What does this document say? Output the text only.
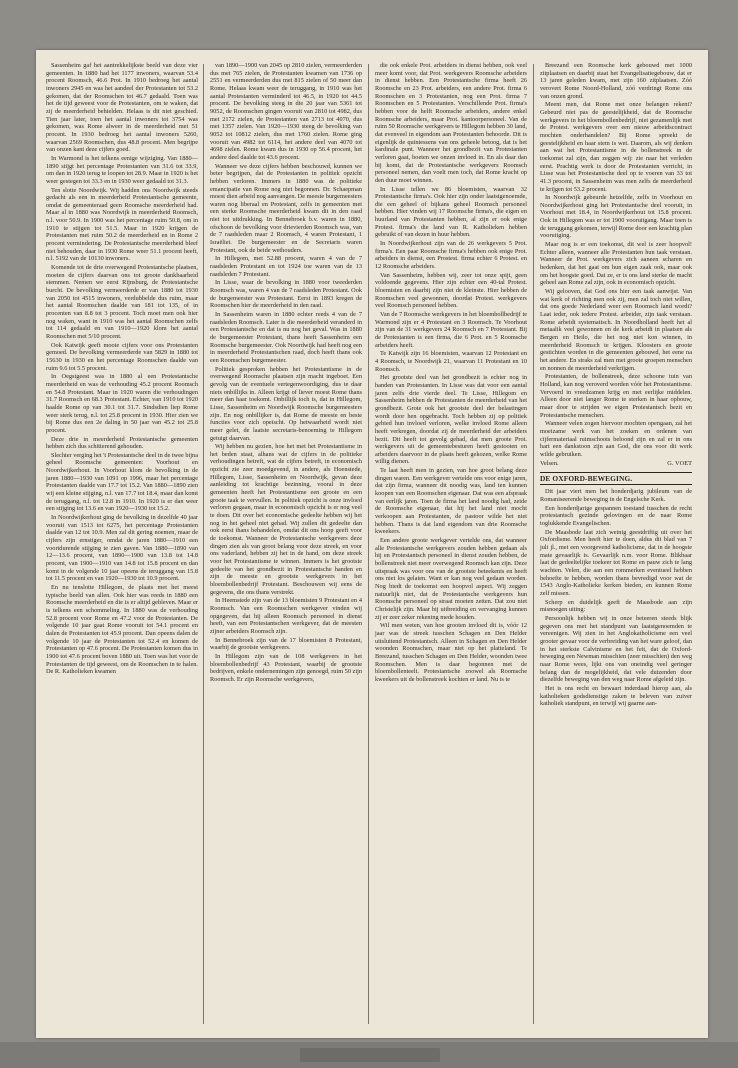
Sassenheim gaf het aantrekkelijkste beeld van deze vier gemeenten. In 1880 had het 1177 inwoners, waarvan 53.4 procent Roomsch, 46.6 Prot. In 1910 bedroeg het aantal inwoners 2945 en was het aandeel der Protestanten tot 53.2 gekomen, dat der Roomschen tot 46.7 gedaald. Toen was het de tijd geweest voor de Protestanten, om te waken, dat zij de meerderheid behielden. Helaas is dit niet geschied. Tien jaar later, toen het aantal inwoners tot 3754 was gekomen, was Rome alweer in de meerderheid met 51 procent. In 1930 bedroeg het aantal inwoners 5260, waarvan 2569 Roomschen, dus 48.8 procent. Men begrijpe van onzen kant deze cijfers goed.

In Warmond is het telkens eenige wijziging. Van 1880—1890 stijgt het percentage Protestanten van 31.6 tot 33.9, om dan in 1920 terug te loopen tot 28.9. Maar in 1920 is het weer gestegen tot 33.3 en in 1930 weer gedaald tot 31.3.

Ten slotte Noordwijk. Wij hadden ons Noordwijk steeds gedacht als een in meerderheid Protestantsche gemeente, omdat de gemeenteraad geen Roomsche meerderheid had. Maar al in 1880 was Noordwijk in meerderheid Roomsch, n.l. voor 50.9. In 1900 was het percentage ruim 50.8, om in 1910 te stijgen tot 51.5. Maar in 1920 krijgen de Protestanten met ruim 50.2 de meerderheid en in Rome 2 procent vermindering. De Protestantsche meerderheid bleef niet behouden, daar in 1930 Rome weer 51.1 procent heeft, n.l. 5192 van de 10130 inwoners.

Komende tot de drie overwegend Protestantsche plaatsen, moeten de cijfers daarvan ons tot groote dankbaarheid stemmen. Nemen we eerst Rijnsburg, de Protestantsche burcht. De bevolking vermeerderde er van 1880 tot 1930 van 2050 tot 4515 inwoners, verdubbelde dus ruim, maar het aantal Roomschen daalde van 181 tot 135, of in procenten van 8.8 tot 3 procent. Toch moet men ook hier nog waken, want in 1910 was het aantal Roomschen zelfs tot 114 gedaald en van 1910—1920 klom het aantal Roomschen met 5/10 procent.

Ook Katwijk geeft mooie cijfers voor ons Protestanten gemoed. De bevolking vermeerderde van 5829 in 1880 tot 15630 in 1930 en het percentage Roomschen daalde van ruim 9.6 tot 5.5 procent.

In Oegstgeest was in 1880 al een Protestantsche meerderheid en was de verhouding 45.2 procent Roomsch en 54.8 Protestant. Maar in 1920 waren die verhoudingen 31.7 Roomsch en 68.3 Protestant. Echter, van 1910 tot 1920 haalde Rome op van 30.1 tot 31.7. Sindsdien liep Rome weer sterk terug, n.l. tot 25.8 procent in 1930. Hier zien we bij Rome dus een 2e daling in 50 jaar van 45.2 tot 25.8 procent.

Deze drie in meerderheid Protestantsche gemeenten hebben zich dus schitterend gehouden.

Slechter verging het 't Protestantsche deel in de twee bijna geheel Roomsche gemeenten: Voorhout en Noordwijkerhout. In Voorhout klom de bevolking in de jaren 1880—1930 van 1091 op 1996, maar het percentage Protestanten daalde van 17.7 tot 15.2. Van 1880—1890 zien wij een kleine stijging, n.l. van 17.7 tot 18.4, maar dan komt de teruggang, n.l. tot 12.8 in 1910. In 1920 is er dan weer een stijging tot 13.6 en van 1920—1930 tot 15.2.

In Noordwijkerhout ging de bevolking in dezelfde 40 jaar vooruit van 1513 tot 6275, het percentage Protestanten daalde van 12 tot 10.9. Men zal dit gering noemen, maar de cijfers zijn ernstiger, omdat de jaren 1880—1910 een voortdurende stijging te zien gaven. Van 1880—1890 van 12—13.6 procent, van 1890—1900 van 13.8 tot 14.8 procent, van 1900—1910 van 14.8 tot 15.8 procent en dan komt in de volgende 10 jaar opeens de teruggang van 15.8 tot 11.5 procent en van 1920—1930 tot 10.9 procent.

En nu tenslotte Hillegom, de plaats met het meest typische beeld van allen. Ook hier was reeds in 1880 een Roomsche meerderheid en die is er altijd gebleven. Maar er is telkens een schommeling. In 1880 was de verhouding 52.8 procent voor Rome en 47.2 voor de Protestanten. De volgende 10 jaar gaat Rome vooruit tot 54.1 procent en dalen de Protestanten tot 45.9 procent. Dan opeens dalen de volgende 10 jaar de Protestanten tot 52.4 en komen de Protestanten op 47.6 procent. De Protestanten komen dus in 1900 tot 47.6 procent boven 1880 uit. Toen was het voor de Protestanten de tijd geweest, om de Roomschen in te halen. De R. Katholieken kwamen

van 1890—1900 van 2045 op 2810 zielen, vermeerderden dus met 765 zielen, de Protestanten kwamen van 1736 op 2551 en vermeerderden dus met 815 zielen of 50 meer dan Rome. Helaas kwam weer de teruggang, in 1910 was het aantal Protestanten verminderd tot 46.5, in 1920 tot 44.5 procent. De bevolking steeg in die 20 jaar van 5361 tot 9052, de Roomschen gingen vooruit van 2810 tot 4982, dus met 2172 zielen, de Protestanten van 2713 tot 4070, dus met 1357 zielen. Van 1920—1930 steeg de bevolking van 9052 tot 10812 zielen, dus met 1760 zielen. Rome ging vooruit van 4982 tot 6114, het andere deel van 4070 tot 4698 zielen. Rome kwam dus in 1930 op 56.4 procent, het andere deel daalde tot 43.6 procent.

Wanneer we deze cijfers hebben beschouwd, kunnen we beter begrijpen, dat de Protestanten in politiek opzicht hebben verloren. Immers in 1880 was de politieke emancipatie van Rome nog niet begonnen. Dr. Schaepman moest dien arbeid nog aanvangen. De meeste burgemeesters waren nog liberaal en Protestant, zelfs in gemeenten met een sterke Roomsche meerderheid kwam dit in den raad niet tot uitdrukking. In Bennebroek b.v. waren in 1880, ofschoon de bevolking voor drievierden Roomsch was, van de 7 raadsleden maar 2 Roomsch, 4 waren Protestant, 1 Israëliet. De burgemeester en de Secretaris waren Protestant, ook de beide wethouders.

In Hillegom, met 52.88 procent, waren 4 van de 7 raadsleden Protestant en tot 1924 toe waren van de 13 raadsleden 7 Protestant.

In Lisse, waar de bevolking in 1880 voor tweederden Roomsch was, waren 4 van de 7 raadsleden Protestant. Ook de burgemeester was Protestant. Eerst in 1893 kregen de Roomschen hier de meerderheid in den raad.

In Sassenheim waren in 1880 echter reeds 4 van de 7 raadsleden Roomsch. Later is die meerderheid veranderd in een Protestantsche en dat is nu nog het geval. Was in 1880 de burgemeester Protestant, thans heeft Sassenheim een Roomsche burgemeester. Ook Noordwijk had heeft nog een in meerderheid Protestantschen raad, doch heeft thans ook een Roomschen burgemeester.

Politiek gesproken hebben het Protestantisme in de overwegend Roomsche plaatsen zijn macht ingeboet. Een gevolg van de eventuele vertegenwoordiging, dus te daar niets onbillijks in. Alleen krijgt of liever moest Rome thans meer dan haar toekomt. Onbillijk toch is, dat in Hillegom, Lisse, Sassenheim en Noordwijk Roomsche burgemeesters zijn. En nog onbillijker is, dat Rome de meeste en beste functies voor zich opeischt. Op hetwaarheid wordt niet meer gelet, de laatste secretaris-benoeming te Hillegom getuigt daarvan.

Wij hebben nu gezien, hoe het met het Protestantisme in het beden staat, alhans wat de cijfers in de politieke verhoudingen betreft, wat de cijfers betreft, in economisch opzicht zie zeer moedgevend, in andere, als Hoenstede, Hillegom, Lisse, Sassenheim en Noordwijk, gevan deze aanleiding tot krachtige bezinning, vooral in deze gemeenten heeft het Protestantisme een groote en een groote taak te vervullen. In politiek opzicht is onze invloed verloren gegaan, maar in economisch opzicht is er nog veel te doen. Dit over het economische gedeelte hebben wij het nog in het geheel niet gehad. Wij zullen dit gedeelte dan ook eerst thans behandelen, omdat dit ons hoop geeft voor de toekomst. Wanneer de Protestantsche werkgevers deze dingen zien als van groot belang voor deze streek, en voor ons vaderland, hebben zij het in de hand, om deze streek voor het Protestantisme te winnen. Immers is het grootste gedeelte van het grondbezit in Protestantsche handen en zijn de meeste en grootste werkgevers in het bloembollenbedrijf Protestant. Beschouwen wij eens de gegevens, die ons thans verstrekt.

In Heemstede zijn van de 13 bloemisten 9 Protestant en 4 Roomsch. Van een Roomschen werkgever vinden wij opgegeven, dat hij alleen Roomsch personeel in dienst heeft, van een Protestantschen werkgever, dat de meesten zijner arbeiders Roomsch zijn.

In Bennebroek zijn van de 17 bloemisten 8 Protestant, waarbij de grootste werkgevers.

In Hillegom zijn van de 108 werkgevers in het bloembollenbedrijf 43 Protestant, waarbij de grootste bedrijven, enkele ondernemingen zijn genoegd, ruim 50 zijn Roomsch. Er zijn Roomsche werkgevers,

die ook enkele Prot. arbeiders in dienst hebben, ook veel meer komt voor, dat Prot. werkgevers Roomsche arbeiders in dienst hebben. Een Protestantsche firma heeft 26 Roomsche en 23 Prot. arbeiders, een andere Prot. firma 6 Roomschen en 3 Protestanten, nog een Prot. firma 7 Roomschen en 5 Protestanten. Verschillende Prot. firma's hebben voor de helft Roomsche arbeiders, andere enkel Roomsche arbeiders, maar Prot. kantoorpersoneel. Van de ruim 50 Roomsche werkgevers te Hillegom hebben 30 land, dat evenveel in eigendom aan Protestanten behoorde. Dit is eigenlijk de quintessens van ons geheele betoog, dat is het kardinale punt. Wanneer het grondbezit van Protestanten verloren gaat, boeten we onzen invloed in. En als daar dan bij komt, dat de Protestantsche werkgevers Roomsch personeel nemen, dan voelt men toch, dat Rome kracht op den duur moet winnen.

In Lisse tellen we 86 bloemisten, waarvan 32 Protestantsche firma's. Ook hier zijn onder laatstgenoemde, die een geheel of bijkans geheel Roomsch personeel hebben. Hier vinden wij 17 Roomsche firma's, die eigen en huurland van Protestanten hebben, al zijn er ook enige Protest. firma's die land van R. Katholieken hebben gebruikt of van dezen in huur hebben.

In Noordwijkerhout zijn van de 26 werkgevers 5 Prot. firma's. Een paar Roomsche firma's hebben ook enige Prot. arbeiders in dienst, een Prostest. firma echter 6 Protest. en 12 Roomsche arbeiders.

Van Sassenheim, hebben wij, zeer tot onze spijt, geen voldoende gegevens. Hier zijn echter een 40-tal Protest. bloemisten en daarbij zijn niet de kleinste. Hier hebben de Roomschen veel gewonnen, doordat Protest. werkgevers veel Roomsch personeel hebben.

Van de 7 Roomsche werkgevers in het bloembollbedrijf te Warmond zijn er 4 Protestant en 3 Roomsch. Te Voorhout zijn van de 31 werkgevers 24 Roomsch en 7 Protestant. Bij de Protestanten is een firma, die 6 Prot. en 5 Roomsche arbeiders heeft.

Te Katwijk zijn 16 bloemisten, waarvan 12 Protestant en 4 Roomsch, te Noordwijk 21, waarvan 11 Protestant en 10 Roomsch.

Het grootste deel van het grondbezit is echter nog in handen van Protestanten. In Lisse was dat voor een aantal jaren zelfs drie vierde deel. Te Lisse, Hillegom en Sassenheim hebben de Protestanten de meerderheid van het grondbezit. Grote ook het grootste deel der belastingen wordt door hen opgebracht. Toch hebben zij op politiek gebied hun invloed verloren, welke invloed Rome alleen heeft verkregen, doordat zij de meerderheid der arbeiders bezit. Dit heeft tot gevolg gehad, dat men groote Prot. werkgevers uit de gemeentebesturen heeft gestooten en arbeiders daarvoor in de plaats heeft gekozen, welke Rome willig dienen.

Te laat heeft men in gezien, van hoe groot belang deze dingen waren. Een werkgever vertelde ons voor enige jaren, dat zijn firma, wanneer dit noodig was, land ten kunnen koopen van een Roomschen eigenaar. Dat was een afspraak van eerlijk jaren. Toen de firma het land noodig had, zeide de Roomsche eigenaar, dat hij het land niet mocht verkoopen aan Protestanten, de pastoor wilde het niet hebben. Thans is dat land eigendom van drie Roomsche kweekers.

Een andere groote werkgever vertelde ons, dat wanneer alle Protestantsche werkgevers zouden hebben gedaan als hij en Protestantsch personeel in dienst zouden hebben, de bollenstreek niet meer overwegend Roomsch kan zijn. Deze uitspraak was voor ons van de grootste beteekenis en heeft ons niet los gelaten. Want er kan nog veel gedaan worden. Nog biedt de toekomst een hoopvol aspect. Wij zeggen natuurlijk niet, dat de Protestantsche werkgevers hun Roomsche personeel op straat moeten zetten. Dat zou niet Christelijk zijn. Maar bij uitbreiding en vervanging kunnen zij er zeer zeker rekening mede houden.

Wil men weten, van hoe grooten invloed dit is, vóór 12 jaar was de streek tusschen Schagen en Den Helder uitsluitend Protestantsch. Alleen in Schagen en Den Helder woonden Roomschen, maar niet op het platteland. Te Breezand, tusschen Schagen en Den Helder, woonden twee Roomschen. Men is daar begonnen met de bloembollenteelt. Protestantsche zoowel als Roomsche kweekers uit de bollenstreek kochten er land. Nu is te

Breezand een Roomsche kerk gebouwd met 1000 zitplaatsen en daarbij staat het Evangelisatiegebouw, dat er 13 jaren geleden kwam, met zijn 160 zitplaatsen. Zóó verovert Rome Noord-Holland, zóó verdringt Rome ons van onzen grond.

Meent men, dat Rome met onze belangen rekent? Gebeurd niet pas de geestelijkheid, dat de Roomsche werkgevers in het bloembollenbedrijf, niet gezamenlijk met de Protest. werkgevers over een nieuw arbeidscontract mochten onderhandelen? Bij Rome spreekt de geestelijkheid en haar stem is wet. Daarom, als wij denken aan wat het Protestantisme in de bollenstreek in de toekomst zal zijn, dan zeggen wij: zie naar het verleden eerst. Prachtig werk is door de Protestanten verricht, in Lisse was het Protestantsche deel op te voeren van 33 tot 41.3 procent, in Sassenheim was men zelfs de meerderheid te krijgen tot 53.2 procent.

In Noordwijk gebeurde hetzelfde, zelfs in Voorhout en Noordwijkerhout ging het Protestantsche deel vooruit, in Voorhout met 18.4, in Noordwijkerhout tot 15.8 procent. Ook in Hillegom was er tot 1900 vooruitgang. Maar toen is de teruggang gekomen, terwijl Rome door een krachtig plan vooruitging.

Maar nog is er een toekomst, dit wel is zeer hoopvol! Echter alleen, wanneer alle Protestanten hun taak verstaan. Wanneer de Prot. werkgevers zich aaneen scharen en bedenken, dat het gaat om hun eigen zaak ook, maar ook om het hoogste goed. Dat ze, er is ons land sterke de macht geheel aan Rome zal zijn, ook in economisch opzicht.

Wij gelooven, dat God ons hier een taak aanwijst. Van wat kerk of richting men ook zij, men zal toch niet willen, dat ons goede Nederland weer een Roomsch land wordt? Laat ieder, ook iedere Protest. arbeider, zijn taak verstaan. Rome arbeidt systematisch. In Noordholland heeft het al metaalik veel gewonnen en de kerk arbeidt in plaatsen als Bergen en Heilo, die het nog niet kon winnen, in meerderheid Roomsch te krijgen. Kloosters en groote gestichten worden in die gemeenten gebouwd, het eene na het andere. En straks zal men met groote groepen menschen en nonnen de meerderheid verkrijgen.

Protestanten, de bollenstreek, deze schoone tuin van Holland, kan nog veroverd worden vóór het Protestantisme. Vervoerd in vreedzamen krijg en met eerlijke middelen. Alleen door niet langer Rome te sterken in haar opbouw, maar door te strijden we eigen Protestantsch bezit en Protestantsche menschen.

Wanneer velen zogen hiervoor mochten opengaan, zal het moeizame werk van het zoeken en ordenen van cijfermateriaal ruimschoots beloond zijn en zal er in ons hart een dankstoon zijn aan God, die ons voor dit werk wilde gebruiken.

Velsen.	G. VOET
DE OXFORD-BEWEGING.

Dit jaar viert men het honderdjarig jubileum van de Romaniseerende beweging in de Engelsche Kerk.

Een honderdjarige gespannen toestand tusschen de recht protestantsch gezinde gelovingen en de naar Rome toglukkende Evangelischen.

De Maasbode laat zich weinig geestdriftig uit over het Oxfordisme. Men heeft hier te doen, aldus dit blad van 7 juli jl., met een voorgevend katholicisme, dat in de hoogste mate gevaarlijk is. Gevaarlijk n.m. voor Rome. Blikbaar laat de gedeeltelijke toekeer tot Rome en pauw zich te lang wachten. Velen, die aan een rommerken eventueel hebben behoefte te hebben, worden thans bevredigd voor wat de 1543 Anglo-Katholieke kerken bieden, en kunnen Rome zelf missen.

Scherp en duidelijk geeft de Maasbode aan zijn misnoegen uiting:

Persoonlijk hebben wij in onze beteeren steeds blijk gegeven ons met het standpunt van laatstgenoemden te vereenigen. Wij zien in het Anglokatholicisme een veel grooter gevaar voor de verbreiding van het ware geloof, dan in het sterkste Calvinisme en het feit, dat de Oxford-beweging een Newman misschien (zeer misschien) den weg naar Rome wees, lijkt ons van oneindig veel geringer belang dan de mogelijkheid, dat vele duizenden door diezelfde beweging van den weg naar Rome afgeleid zijn.

Het is ons recht en bewaart inderdaad hierop aan, als katholieken godsdienstige zaken te beleven van zuiver katholiek standpunt, en terwijl wij gaarne aan-
